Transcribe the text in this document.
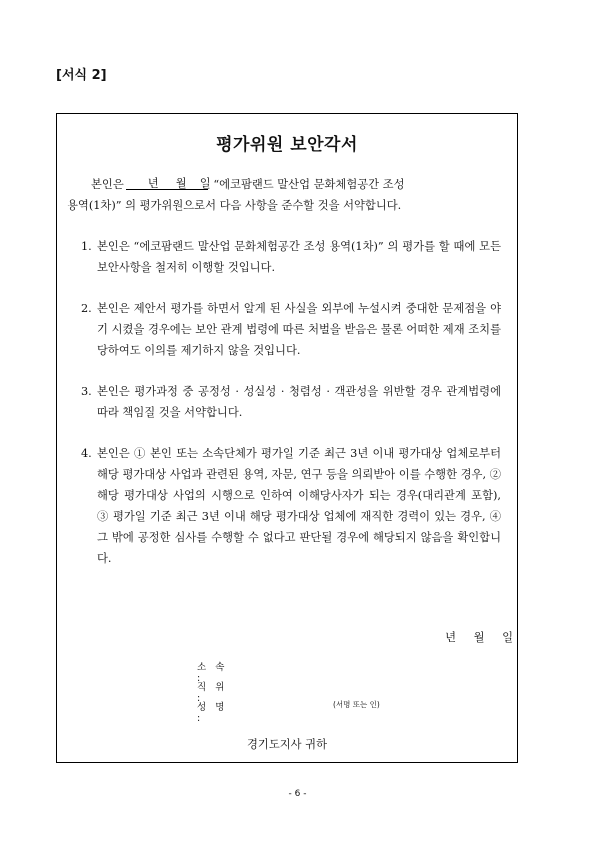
[서식 2]
평가위원 보안각서
본인은 년 월 일 “에코팜랜드 말산업 문화체험공간 조성
용역(1차)” 의 평가위원으로서 다음 사항을 준수할 것을 서약합니다.
1. 본인은 “에코팜랜드 말산업 문화체험공간 조성 용역(1차)” 의 평가를 할 때에 모든 보안사항을 철저히 이행할 것입니다.
2. 본인은 제안서 평가를 하면서 알게 된 사실을 외부에 누설시켜 중대한 문제점을 야기 시켰을 경우에는 보안 관계 법령에 따른 처벌을 받음은 물론 어떠한 제재 조치를 당하여도 이의를 제기하지 않을 것입니다.
3. 본인은 평가과정 중 공정성 · 성실성 · 청렴성 · 객관성을 위반할 경우 관계법령에 따라 책임질 것을 서약합니다.
4. 본인은 ① 본인 또는 소속단체가 평가일 기준 최근 3년 이내 평가대상 업체로부터 해당 평가대상 사업과 관련된 용역, 자문, 연구 등을 의뢰받아 이를 수행한 경우, ② 해당 평가대상 사업의 시행으로 인하여 이해당사자가 되는 경우(대리관계 포함), ③ 평가일 기준 최근 3년 이내 해당 평가대상 업체에 재직한 경력이 있는 경우, ④ 그 밖에 공정한 심사를 수행할 수 없다고 판단될 경우에 해당되지 않음을 확인합니다.
년 월 일
소 속 :
직 위 :
성 명 :
(서명 또는 인)
경기도지사 귀하
- 6 -
